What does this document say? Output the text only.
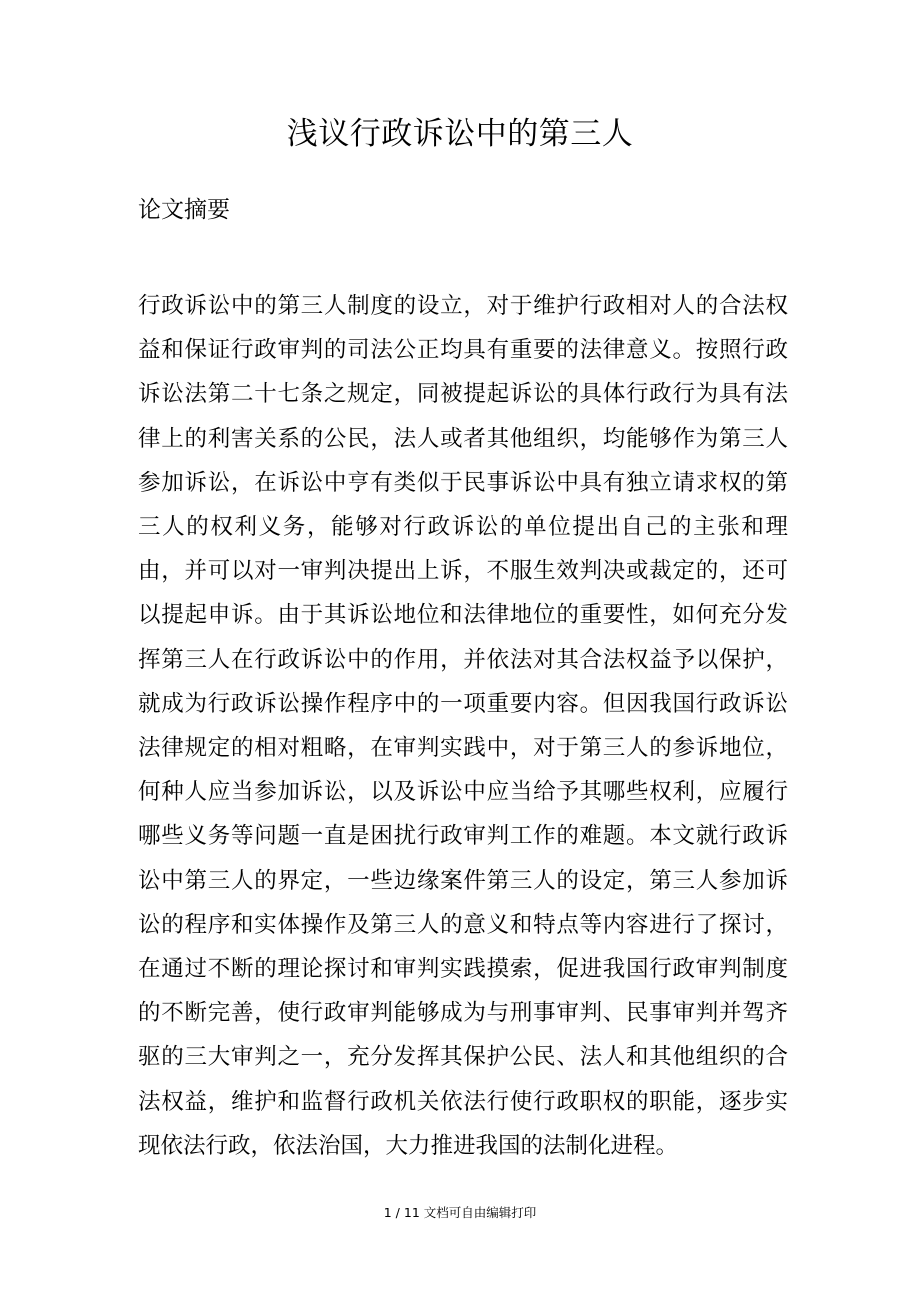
浅议行政诉讼中的第三人
论文摘要

行政诉讼中的第三人制度的设立，对于维护行政相对人的合法权益和保证行政审判的司法公正均具有重要的法律意义。按照行政诉讼法第二十七条之规定，同被提起诉讼的具体行政行为具有法律上的利害关系的公民，法人或者其他组织，均能够作为第三人参加诉讼，在诉讼中亨有类似于民事诉讼中具有独立请求权的第三人的权利义务，能够对行政诉讼的单位提出自己的主张和理由，并可以对一审判决提出上诉，不服生效判决或裁定的，还可以提起申诉。由于其诉讼地位和法律地位的重要性，如何充分发挥第三人在行政诉讼中的作用，并依法对其合法权益予以保护，就成为行政诉讼操作程序中的一项重要内容。但因我国行政诉讼法律规定的相对粗略，在审判实践中，对于第三人的参诉地位，何种人应当参加诉讼，以及诉讼中应当给予其哪些权利，应履行哪些义务等问题一直是困扰行政审判工作的难题。本文就行政诉讼中第三人的界定，一些边缘案件第三人的设定，第三人参加诉讼的程序和实体操作及第三人的意义和特点等内容进行了探讨，在通过不断的理论探讨和审判实践摸索，促进我国行政审判制度的不断完善，使行政审判能够成为与刑事审判、民事审判并驾齐驱的三大审判之一，充分发挥其保护公民、法人和其他组织的合法权益，维护和监督行政机关依法行使行政职权的职能，逐步实现依法行政，依法治国，大力推进我国的法制化进程。

1 / 11 文档可自由编辑打印
